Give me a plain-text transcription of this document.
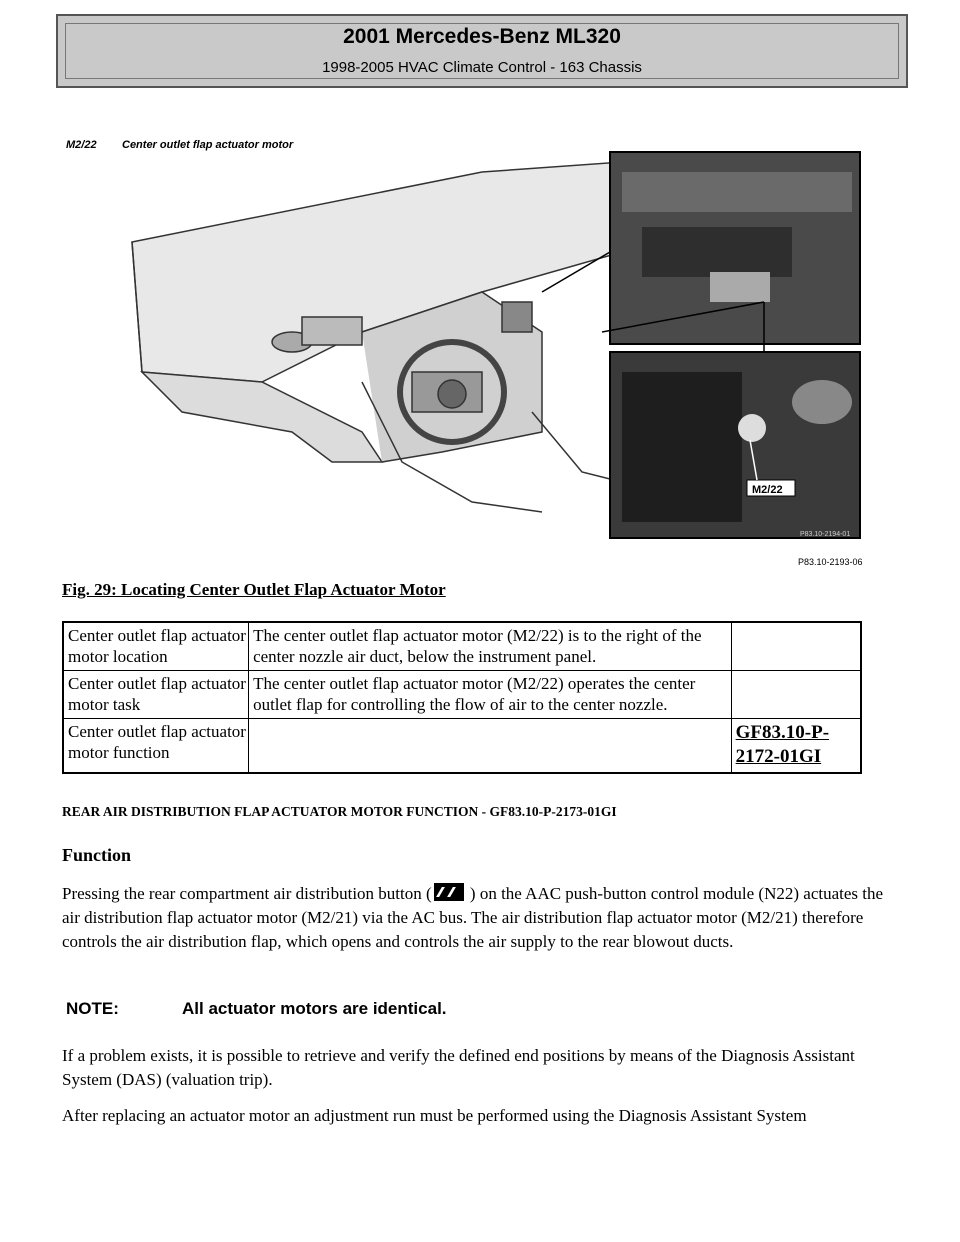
2001 Mercedes-Benz ML320
1998-2005 HVAC Climate Control - 163 Chassis
M2/22 Center outlet flap actuator motor
M2/22
P83.10-2194-01
P83.10-2193-06
Fig. 29: Locating Center Outlet Flap Actuator Motor
Center outlet flap actuator motor location	The center outlet flap actuator motor (M2/22) is to the right of the center nozzle air duct, below the instrument panel.	
Center outlet flap actuator motor task	The center outlet flap actuator motor (M2/22) operates the center outlet flap for controlling the flow of air to the center nozzle.	
Center outlet flap actuator motor function		GF83.10-P-2172-01GI
REAR AIR DISTRIBUTION FLAP ACTUATOR MOTOR FUNCTION - GF83.10-P-2173-01GI
Function
Pressing the rear compartment air distribution button ( ) on the AAC push-button control module (N22) actuates the air distribution flap actuator motor (M2/21) via the AC bus. The air distribution flap actuator motor (M2/21) therefore controls the air distribution flap, which opens and controls the air supply to the rear blowout ducts.
NOTE:	All actuator motors are identical.
If a problem exists, it is possible to retrieve and verify the defined end positions by means of the Diagnosis Assistant System (DAS) (valuation trip).
After replacing an actuator motor an adjustment run must be performed using the Diagnosis Assistant System
